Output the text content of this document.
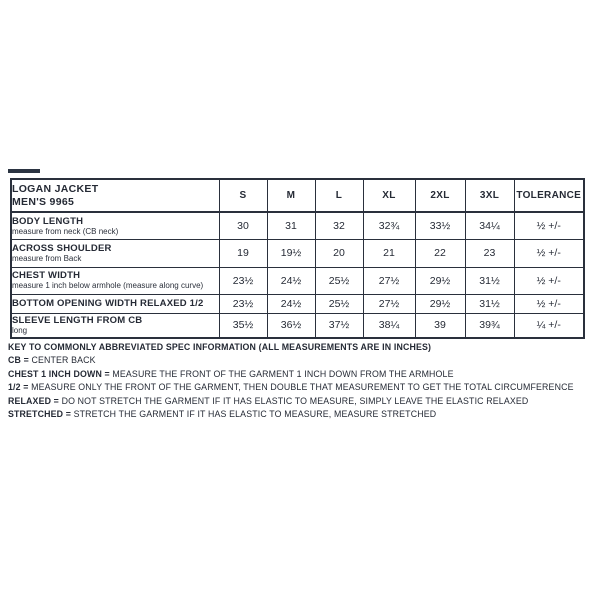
LOGAN JACKET
MEN'S 9965	S	M	L	XL	2XL	3XL	TOLERANCE

BODY LENGTH
measure from neck (CB neck)	30	31	32	32¾	33½	34¼	½ +/-

ACROSS SHOULDER
measure from Back	19	19½	20	21	22	23	½ +/-

CHEST WIDTH
measure 1 inch below armhole (measure along curve)	23½	24½	25½	27½	29½	31½	½ +/-

BOTTOM OPENING WIDTH RELAXED 1/2	23½	24½	25½	27½	29½	31½	½ +/-

SLEEVE LENGTH FROM CB
long	35½	36½	37½	38¼	39	39¾	¼ +/-
KEY TO COMMONLY ABBREVIATED SPEC INFORMATION (ALL MEASUREMENTS ARE IN INCHES)
CB = CENTER BACK
CHEST 1 INCH DOWN = MEASURE THE FRONT OF THE GARMENT 1 INCH DOWN FROM THE ARMHOLE
1/2 = MEASURE ONLY THE FRONT OF THE GARMENT, THEN DOUBLE THAT MEASUREMENT TO GET THE TOTAL CIRCUMFERENCE
RELAXED = DO NOT STRETCH THE GARMENT IF IT HAS ELASTIC TO MEASURE, SIMPLY LEAVE THE ELASTIC RELAXED
STRETCHED = STRETCH THE GARMENT IF IT HAS ELASTIC TO MEASURE, MEASURE STRETCHED
